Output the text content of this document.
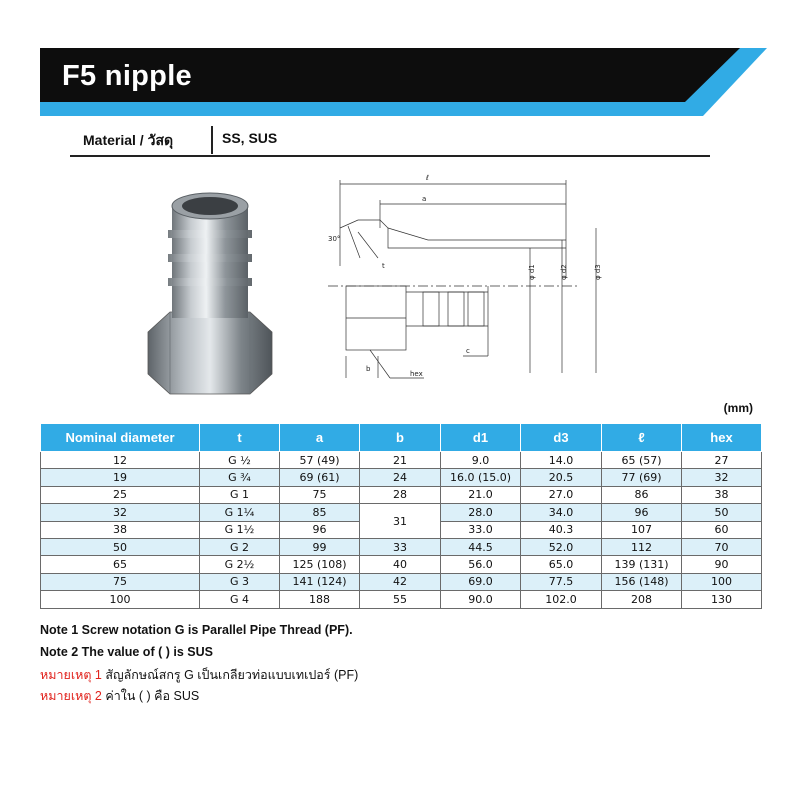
F5 nipple
Material / วัสดุ	SS, SUS
ℓ
a
30°
t	φ d1	φ d2	φ d3
c
b
hex
(mm)
Nominal diameter	t	a	b	d1	d3	ℓ	hex
12	G ½	57 (49)	21	9.0	14.0	65 (57)	27
19	G ¾	69 (61)	24	16.0 (15.0)	20.5	77 (69)	32
25	G 1	75	28	21.0	27.0	86	38
32	G 1¼	85	31	28.0	34.0	96	50
38	G 1½	96		33.0	40.3	107	60
50	G 2	99	33	44.5	52.0	112	70
65	G 2½	125 (108)	40	56.0	65.0	139 (131)	90
75	G 3	141 (124)	42	69.0	77.5	156 (148)	100
100	G 4	188	55	90.0	102.0	208	130
Note 1 Screw notation G is Parallel Pipe Thread (PF).
Note 2 The value of ( ) is SUS
หมายเหตุ 1 สัญลักษณ์สกรู G เป็นเกลียวท่อแบบเทเปอร์ (PF)
หมายเหตุ 2 ค่าใน ( ) คือ SUS
